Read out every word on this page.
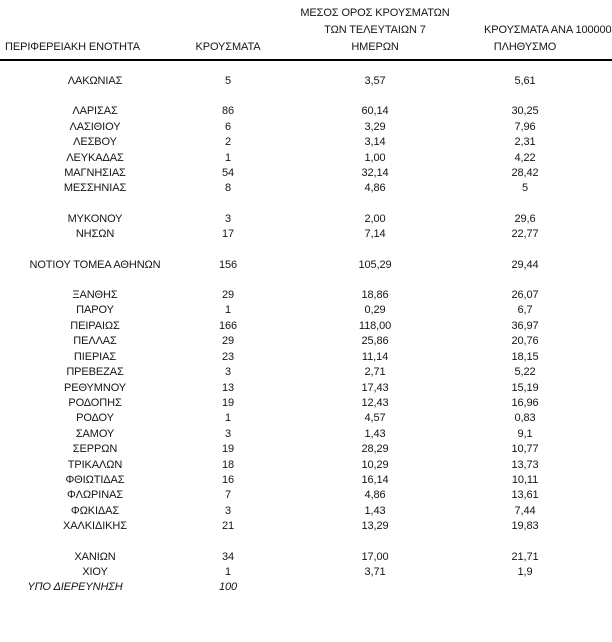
ΠΕΡΙΦΕΡΕΙΑΚΗ ΕΝΟΤΗΤΑ	ΚΡΟΥΣΜΑΤΑ	ΜΕΣΟΣ ΟΡΟΣ ΚΡΟΥΣΜΑΤΩΝ
ΤΩΝ ΤΕΛΕΥΤΑΙΩΝ 7
ΗΜΕΡΩΝ	ΚΡΟΥΣΜΑΤΑ ΑΝΑ 100000
ΠΛΗΘΥΣΜΟ

ΛΑΚΩΝΙΑΣ	5	3,57	5,61

ΛΑΡΙΣΑΣ	86	60,14	30,25
ΛΑΣΙΘΙΟΥ	6	3,29	7,96
ΛΕΣΒΟΥ	2	3,14	2,31
ΛΕΥΚΑΔΑΣ	1	1,00	4,22
ΜΑΓΝΗΣΙΑΣ	54	32,14	28,42
ΜΕΣΣΗΝΙΑΣ	8	4,86	5

ΜΥΚΟΝΟΥ	3	2,00	29,6
ΝΗΣΩΝ	17	7,14	22,77

ΝΟΤΙΟΥ ΤΟΜΕΑ ΑΘΗΝΩΝ	156	105,29	29,44

ΞΑΝΘΗΣ	29	18,86	26,07
ΠΑΡΟΥ	1	0,29	6,7
ΠΕΙΡΑΙΩΣ	166	118,00	36,97
ΠΕΛΛΑΣ	29	25,86	20,76
ΠΙΕΡΙΑΣ	23	11,14	18,15
ΠΡΕΒΕΖΑΣ	3	2,71	5,22
ΡΕΘΥΜΝΟΥ	13	17,43	15,19
ΡΟΔΟΠΗΣ	19	12,43	16,96
ΡΟΔΟΥ	1	4,57	0,83
ΣΑΜΟΥ	3	1,43	9,1
ΣΕΡΡΩΝ	19	28,29	10,77
ΤΡΙΚΑΛΩΝ	18	10,29	13,73
ΦΘΙΩΤΙΔΑΣ	16	16,14	10,11
ΦΛΩΡΙΝΑΣ	7	4,86	13,61
ΦΩΚΙΔΑΣ	3	1,43	7,44
ΧΑΛΚΙΔΙΚΗΣ	21	13,29	19,83

ΧΑΝΙΩΝ	34	17,00	21,71
ΧΙΟΥ	1	3,71	1,9
ΥΠΟ ΔΙΕΡΕΥΝΗΣΗ	100		
